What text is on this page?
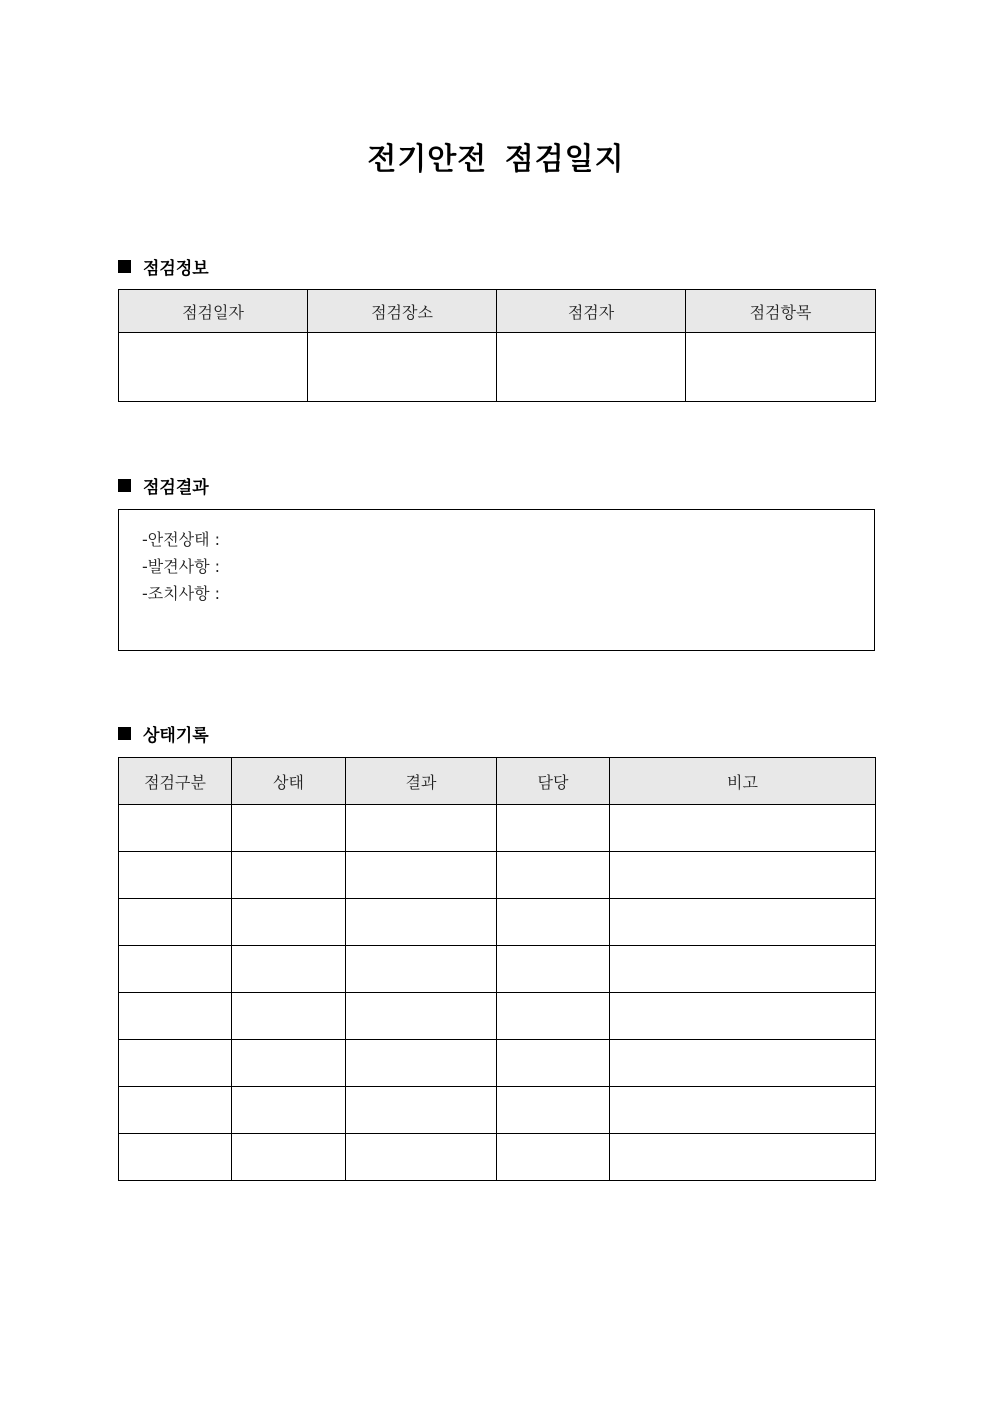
전기안전 점검일지
점검정보
점검일자	점검장소	점검자	점검항목

점검결과
-안전상태 :
-발견사항 :
-조치사항 :
상태기록
점검구분	상태	결과	담당	비고
